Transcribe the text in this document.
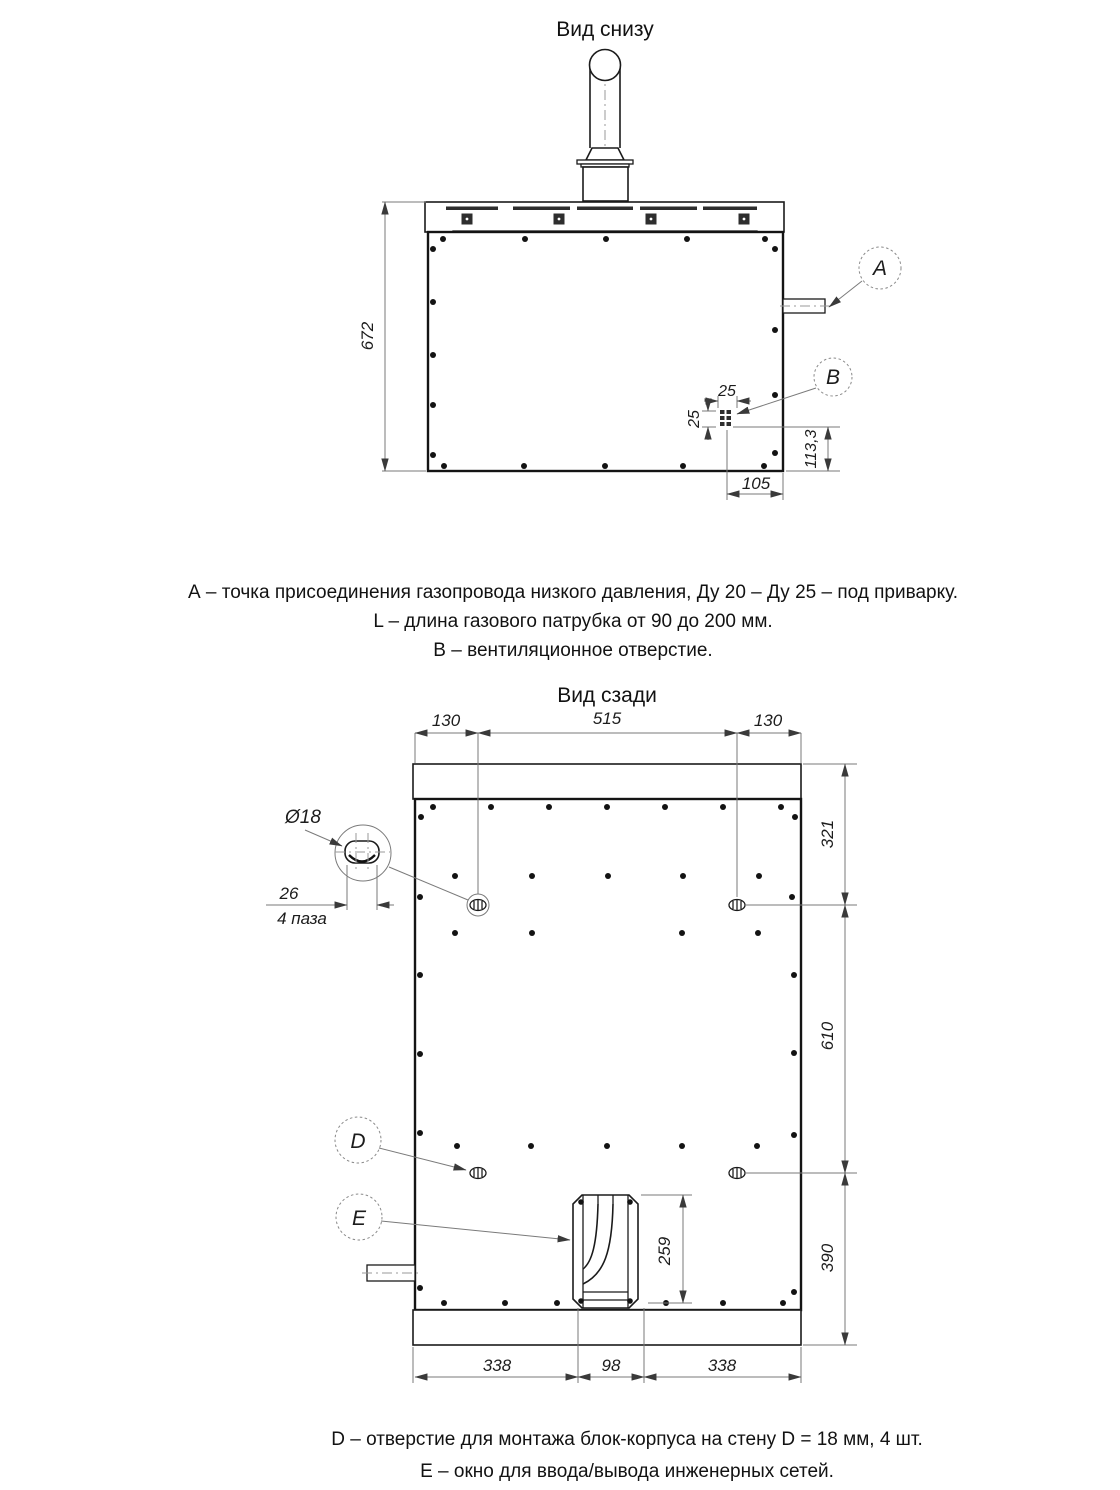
Вид снизу
А – точка присоединения газопровода низкого давления, Ду 20 – Ду 25 – под приварку.
L – длина газового патрубка от 90 до 200 мм.
В – вентиляционное отверстие.
Вид сзади
D – отверстие для монтажа блок-корпуса на стену D = 18 мм, 4 шт.
Е – окно для ввода/вывода инженерных сетей.
672
25
25
113,3
105
A
B
130	515	130
321
610
390
259
338	98	338
Ø18
26
4 паза
D
E
